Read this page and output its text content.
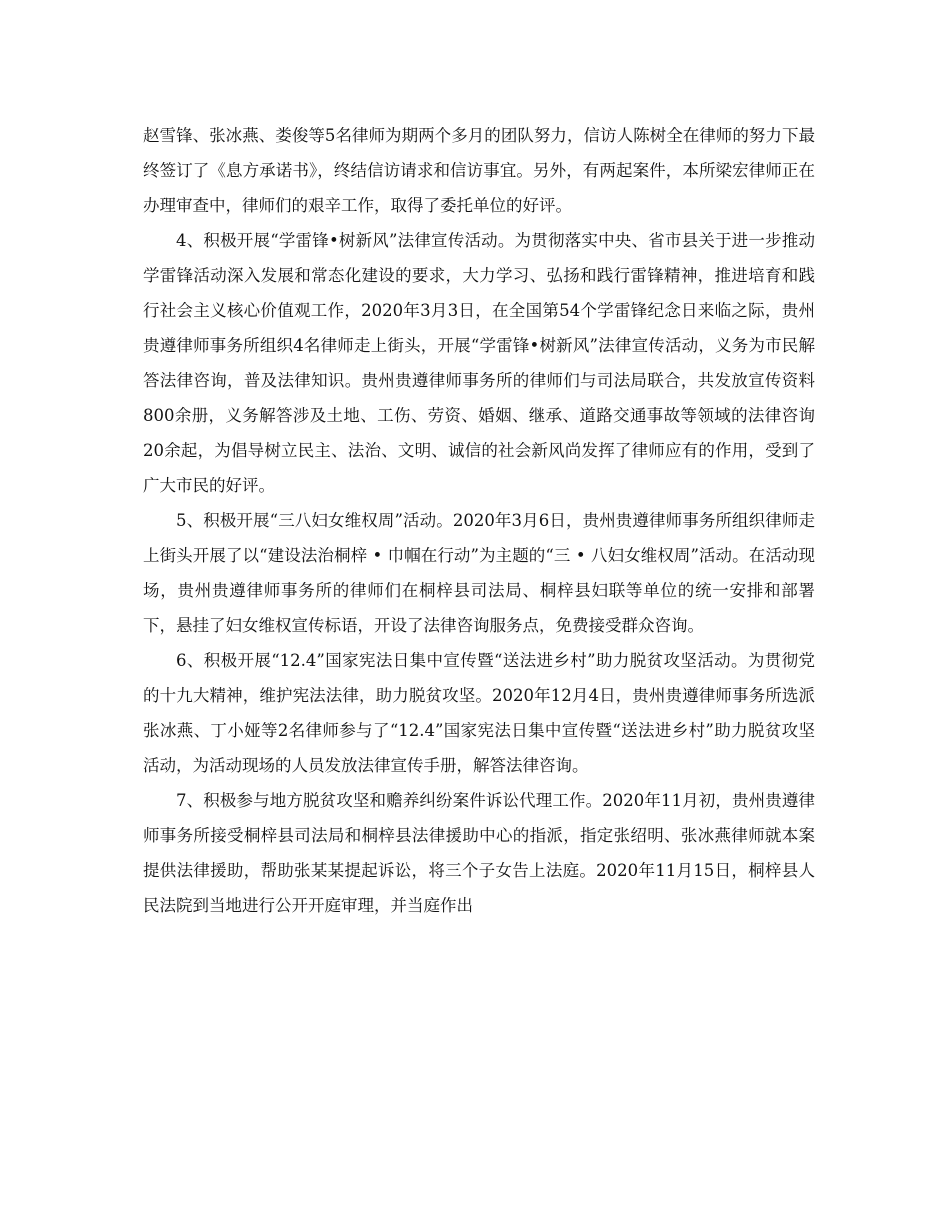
赵雪锋、张冰燕、娄俊等5名律师为期两个多月的团队努力，信访人陈树全在律师的努力下最终签订了《息方承诺书》，终结信访请求和信访事宜。另外，有两起案件，本所梁宏律师正在办理审查中，律师们的艰辛工作，取得了委托单位的好评。

4、积极开展“学雷锋•树新风”法律宣传活动。为贯彻落实中央、省市县关于进一步推动学雷锋活动深入发展和常态化建设的要求，大力学习、弘扬和践行雷锋精神，推进培育和践行社会主义核心价值观工作，2020年3月3日，在全国第54个学雷锋纪念日来临之际，贵州贵遵律师事务所组织4名律师走上街头，开展“学雷锋•树新风”法律宣传活动，义务为市民解答法律咨询，普及法律知识。贵州贵遵律师事务所的律师们与司法局联合，共发放宣传资料800余册，义务解答涉及土地、工伤、劳资、婚姻、继承、道路交通事故等领域的法律咨询20余起，为倡导树立民主、法治、文明、诚信的社会新风尚发挥了律师应有的作用，受到了广大市民的好评。

5、积极开展“三八妇女维权周”活动。2020年3月6日，贵州贵遵律师事务所组织律师走上街头开展了以“建设法治桐梓 • 巾帼在行动”为主题的“三 • 八妇女维权周”活动。在活动现场，贵州贵遵律师事务所的律师们在桐梓县司法局、桐梓县妇联等单位的统一安排和部署下，悬挂了妇女维权宣传标语，开设了法律咨询服务点，免费接受群众咨询。

6、积极开展“12.4”国家宪法日集中宣传暨“送法进乡村”助力脱贫攻坚活动。为贯彻党的十九大精神，维护宪法法律，助力脱贫攻坚。2020年12月4日，贵州贵遵律师事务所选派张冰燕、丁小娅等2名律师参与了“12.4”国家宪法日集中宣传暨“送法进乡村”助力脱贫攻坚活动，为活动现场的人员发放法律宣传手册，解答法律咨询。

7、积极参与地方脱贫攻坚和赡养纠纷案件诉讼代理工作。2020年11月初，贵州贵遵律师事务所接受桐梓县司法局和桐梓县法律援助中心的指派，指定张绍明、张冰燕律师就本案提供法律援助，帮助张某某提起诉讼，将三个子女告上法庭。2020年11月15日，桐梓县人民法院到当地进行公开开庭审理，并当庭作出
